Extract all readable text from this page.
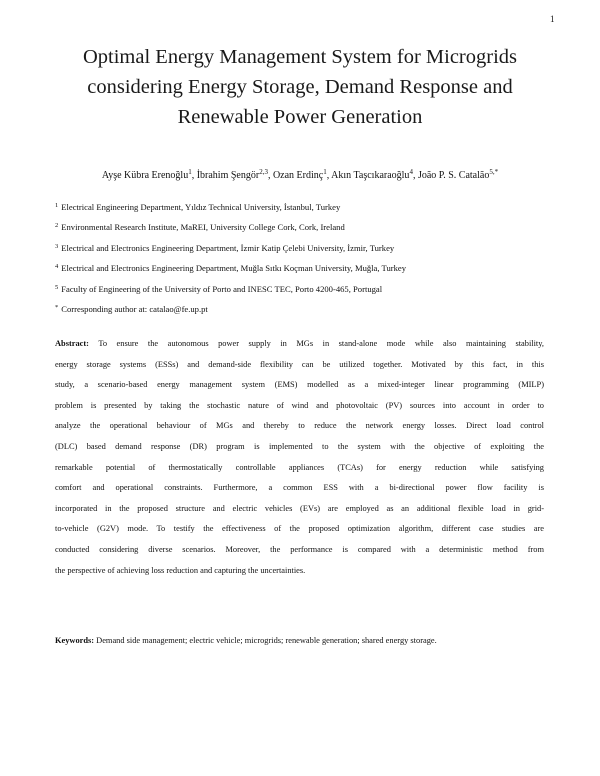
1
Optimal Energy Management System for Microgrids
considering Energy Storage, Demand Response and
Renewable Power Generation
Ayşe Kübra Erenoğlu$^1$, İbrahim Şengör$^{2,3}$, Ozan Erdinç$^1$, Akın Taşcıkaraoğlu$^4$, João P. S. Catalão$^{5,*}$
$^1$ Electrical Engineering Department, Yıldız Technical University, İstanbul, Turkey
$^2$ Environmental Research Institute, MaREI, University College Cork, Cork, Ireland
$^3$ Electrical and Electronics Engineering Department, İzmir Katip Çelebi University, İzmir, Turkey
$^4$ Electrical and Electronics Engineering Department, Muğla Sıtkı Koçman University, Muğla, Turkey
$^5$ Faculty of Engineering of the University of Porto and INESC TEC, Porto 4200-465, Portugal
* Corresponding author at: catalao@fe.up.pt
Abstract: To ensure the autonomous power supply in MGs in stand-alone mode while also maintaining stability,
energy storage systems (ESSs) and demand-side flexibility can be utilized together. Motivated by this fact, in this
study, a scenario-based energy management system (EMS) modelled as a mixed-integer linear programming (MILP)
problem is presented by taking the stochastic nature of wind and photovoltaic (PV) sources into account in order to
analyze the operational behaviour of MGs and thereby to reduce the network energy losses. Direct load control
(DLC) based demand response (DR) program is implemented to the system with the objective of exploiting the
remarkable potential of thermostatically controllable appliances (TCAs) for energy reduction while satisfying
comfort and operational constraints. Furthermore, a common ESS with a bi-directional power flow facility is
incorporated in the proposed structure and electric vehicles (EVs) are employed as an additional flexible load in grid-
to-vehicle (G2V) mode. To testify the effectiveness of the proposed optimization algorithm, different case studies are
conducted considering diverse scenarios. Moreover, the performance is compared with a deterministic method from
the perspective of achieving loss reduction and capturing the uncertainties.
Keywords: Demand side management; electric vehicle; microgrids; renewable generation; shared energy storage.
